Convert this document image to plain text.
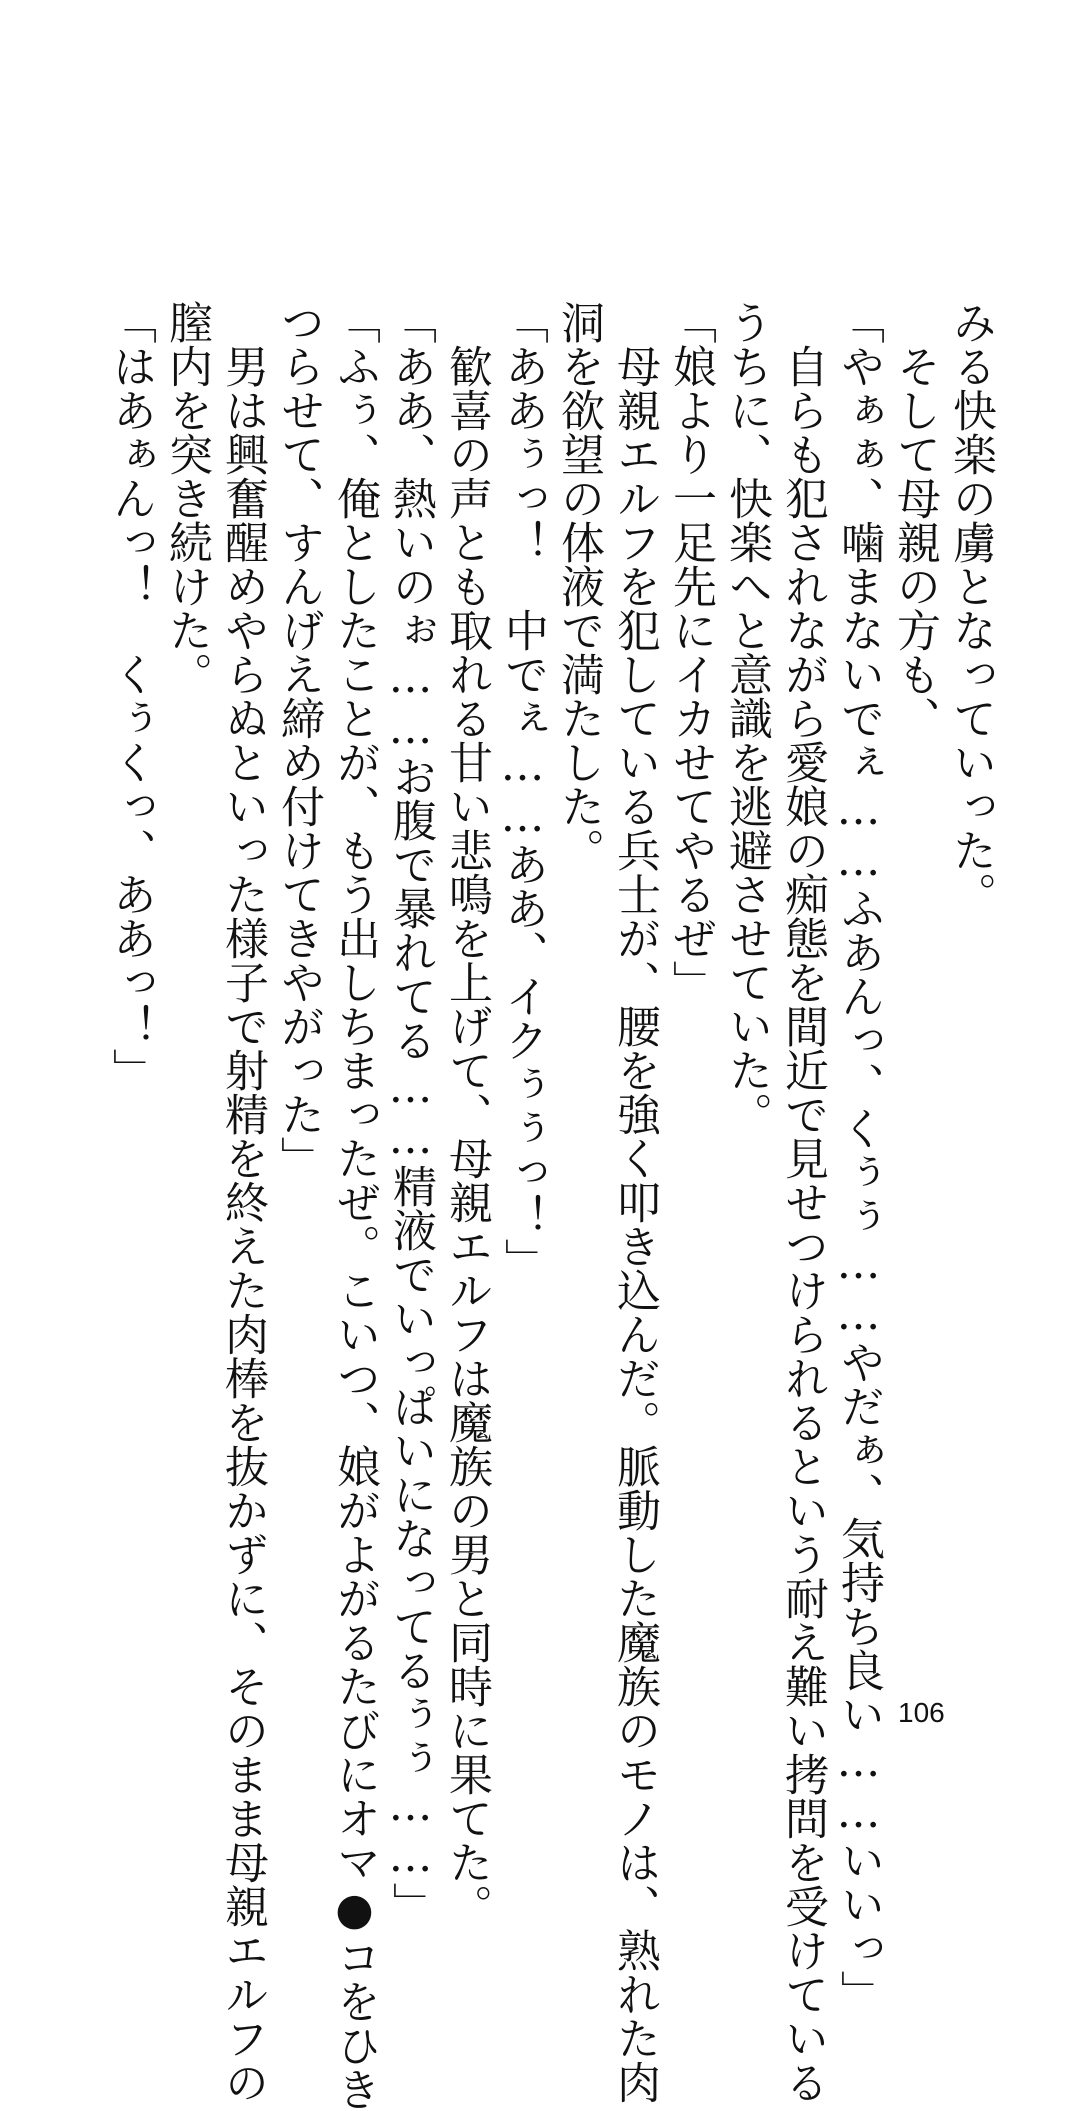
みる快楽の虜となっていった。
　そして母親の方も、
「やぁぁ、噛まないでぇ……ふあんっ、くぅぅ……やだぁ、気持ち良い……いいっ」
　自らも犯されながら愛娘の痴態を間近で見せつけられるという耐え難い拷問を受けている
うちに、快楽へと意識を逃避させていた。
「娘より一足先にイカせてやるぜ」
　母親エルフを犯している兵士が、腰を強く叩き込んだ。脈動した魔族のモノは、熟れた肉
洞を欲望の体液で満たした。
「ああぅっ！　中でぇ……ああ、イクぅぅっ！」
　歓喜の声とも取れる甘い悲鳴を上げて、母親エルフは魔族の男と同時に果てた。
「ああ、熱いのぉ……お腹で暴れてる……精液でいっぱいになってるぅぅ……」
「ふぅ、俺としたことが、もう出しちまったぜ。こいつ、娘がよがるたびにオマ●コをひき
つらせて、すんげえ締め付けてきやがった」
　男は興奮醒めやらぬといった様子で射精を終えた肉棒を抜かずに、そのまま母親エルフの
膣内を突き続けた。
「はあぁんっ！　くぅくっ、ああっ！」
106
